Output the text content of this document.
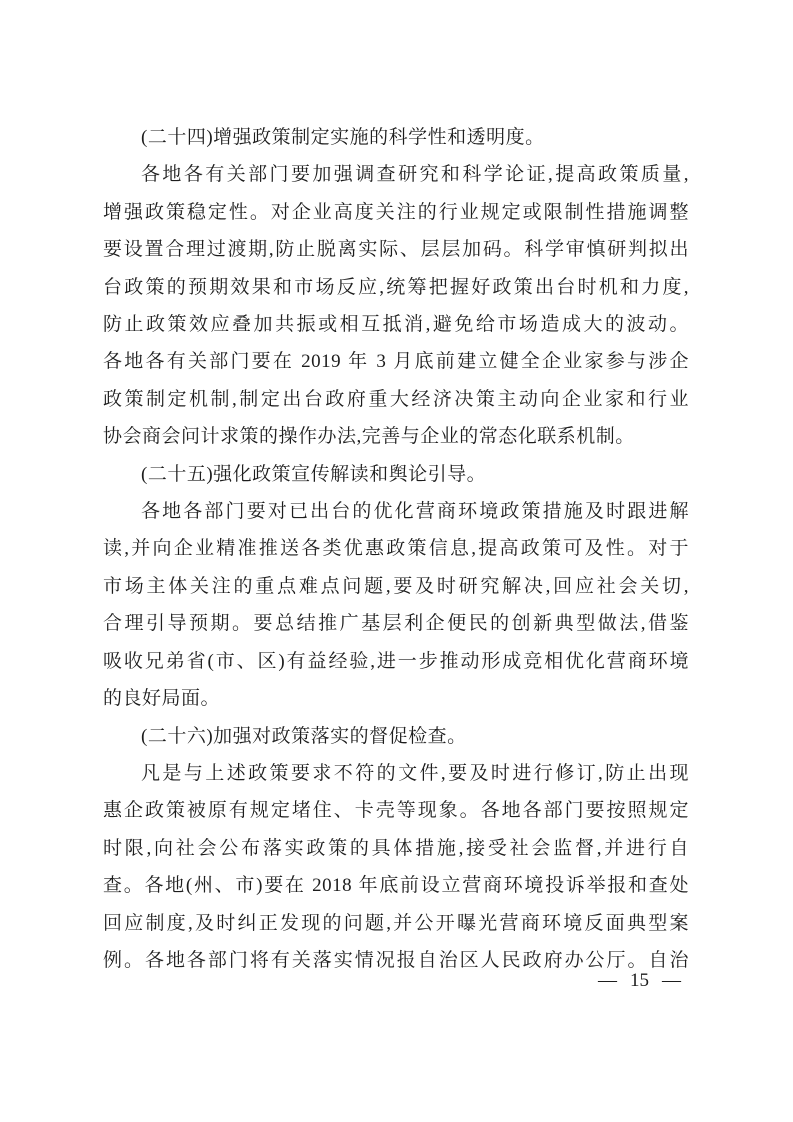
(二十四)增强政策制定实施的科学性和透明度。
各地各有关部门要加强调查研究和科学论证,提高政策质量,
增强政策稳定性。对企业高度关注的行业规定或限制性措施调整
要设置合理过渡期,防止脱离实际、层层加码。科学审慎研判拟出
台政策的预期效果和市场反应,统筹把握好政策出台时机和力度,
防止政策效应叠加共振或相互抵消,避免给市场造成大的波动。
各地各有关部门要在 2019 年 3 月底前建立健全企业家参与涉企
政策制定机制,制定出台政府重大经济决策主动向企业家和行业
协会商会问计求策的操作办法,完善与企业的常态化联系机制。
(二十五)强化政策宣传解读和舆论引导。
各地各部门要对已出台的优化营商环境政策措施及时跟进解
读,并向企业精准推送各类优惠政策信息,提高政策可及性。对于
市场主体关注的重点难点问题,要及时研究解决,回应社会关切,
合理引导预期。要总结推广基层利企便民的创新典型做法,借鉴
吸收兄弟省(市、区)有益经验,进一步推动形成竞相优化营商环境
的良好局面。
(二十六)加强对政策落实的督促检查。
凡是与上述政策要求不符的文件,要及时进行修订,防止出现
惠企政策被原有规定堵住、卡壳等现象。各地各部门要按照规定
时限,向社会公布落实政策的具体措施,接受社会监督,并进行自
查。各地(州、市)要在 2018 年底前设立营商环境投诉举报和查处
回应制度,及时纠正发现的问题,并公开曝光营商环境反面典型案
例。各地各部门将有关落实情况报自治区人民政府办公厅。自治
— 15 —
